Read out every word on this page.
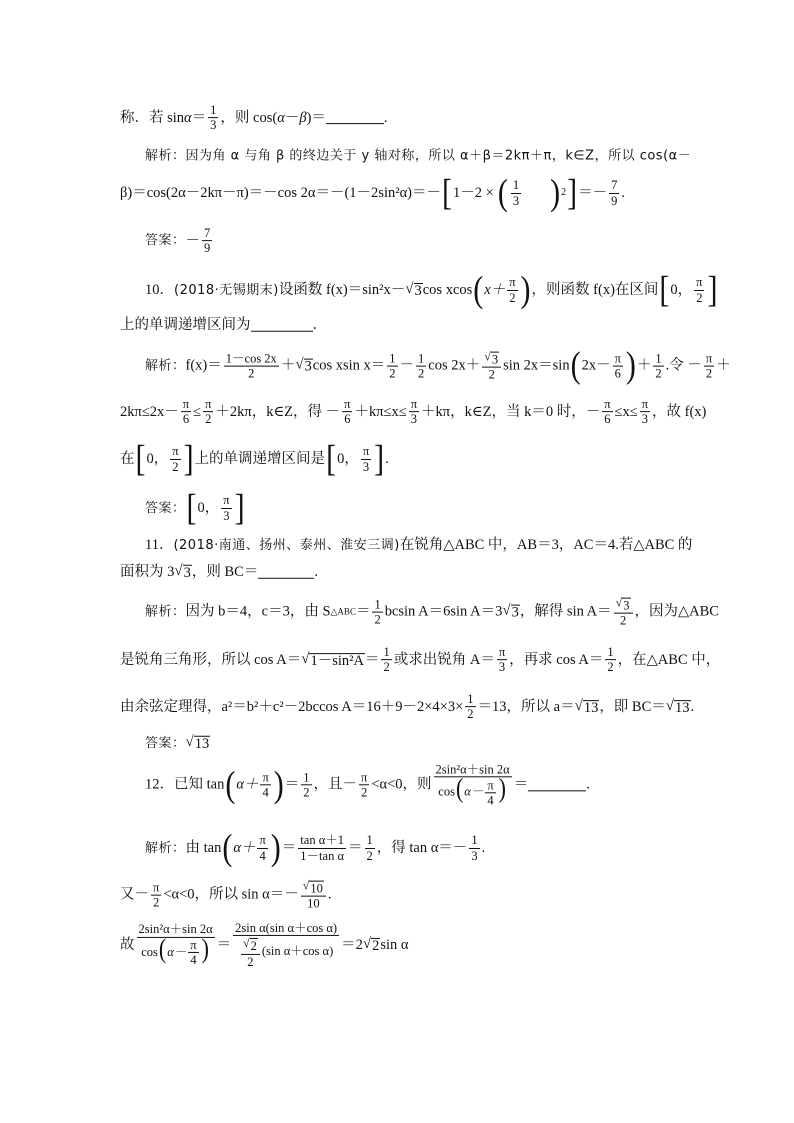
称．若 $\sin \alpha = \frac{1}{3}$ ，则 cos( α － β )＝	.
解析： 因为角 α 与角 β 的终边关于 y 轴对称，所以 α＋β＝2kπ＋π，k∈Z，所以 cos(α－
β)＝cos(2α－2kπ－π)＝－cos 2α＝－(1－2sin²α)＝－ [ 1－2 × ( $\frac{1}{3}$ ) 2 ] ＝ － $\frac{7}{9}$ .
答案： － $\frac{7}{9}$
10． (2018·无锡期末) 设函数 f(x)＝sin²x－ √ 3 cos xcos ( $x+ \frac{\pi}{2}$ ) ，则函数 f(x)在区间 [ 0， $\frac{\pi}{2}$ ]
上的单调递增区间为	．
解析： $f(x)= \frac{1-\cos 2x}{2}$ ＋ √ 3 cos xsin $x= \frac{1}{2} - \frac{1}{2}$ $\cos 2x+ \frac{√ 3}{2}$ sin 2x＝sin ( $2x- \frac{\pi}{6}$ ) ＋ $\frac{1}{2}$ .令 － $\frac{\pi}{2}$ ＋
$2k\pi\le 2x- \frac{\pi}{6} \le \frac{\pi}{2} +2k\pi$，k∈Z，得 － $\frac{\pi}{6} +k\pi\le x\le \frac{\pi}{3} +k\pi$，k∈Z，当 k＝0 时，－ $\frac{\pi}{6} \le x\le \frac{\pi}{3}$ ，故 f(x)
在 [ 0， $\frac{\pi}{2}$ ] 上的单调递增区间是 [ 0， $\frac{\pi}{3}$ ] .
答案： [ 0， $\frac{\pi}{3}$ ]
11． (2018·南通、扬州、泰州、淮安三调) 在锐角△ABC 中，AB＝3，AC＝4.若△ABC 的
面积为 3 √ 3 ，则 BC＝	.
解析： 因为 b＝4，c＝3，由 S △ABC ＝ $\frac{1}{2}$ bcsin A＝6sin A＝3 √ 3 ，解得 $\sin A= \frac{√ 3}{2}$ ，因为△ABC
是锐角三角形，所以 cos A＝ √ $1-\sin^2A = \frac{1}{2}$ 或求出锐角 $A= \frac{\pi}{3}$ ，再求 $\cos A= \frac{1}{2}$ ，在△ABC 中，
由余弦定理得，a²＝b²＋c²－2bccos $A=16+9-2\times 4\times 3\times \frac{1}{2} =13$，所以 a＝ √ 13 ，即 BC＝ √ 13 .
答案： √ 13
12． 已知 tan ( $\alpha+ \frac{\pi}{4}$ ) ＝ $\frac{1}{2}$ ，且－ $\frac{\pi}{2} <\alpha<0$，则 $\frac{\text{2sin²α＋sin 2α}}{\cos(\alpha- \frac{\pi}{4} )}$ ＝	.
解析： 由 tan ( $\alpha+ \frac{\pi}{4}$ ) ＝ $\frac{\text{tan α＋1}}{\text{1－tan α}} = \frac{1}{2}$ ，得 $\tan \alpha=- \frac{1}{3}$ .
又－ $\frac{\pi}{2} <\alpha<0$，所以 $\sin \alpha=- \frac{√ 10}{10}$ .
故 $\frac{\text{2sin²α＋sin 2α}}{\cos(\alpha- \frac{\pi}{4} )} = \frac{\text{2sin α(sin α＋cos α)}}{\frac{√ 2}{2} (\sin \alpha+\cos \alpha)} =2$ √ 2 sin α
